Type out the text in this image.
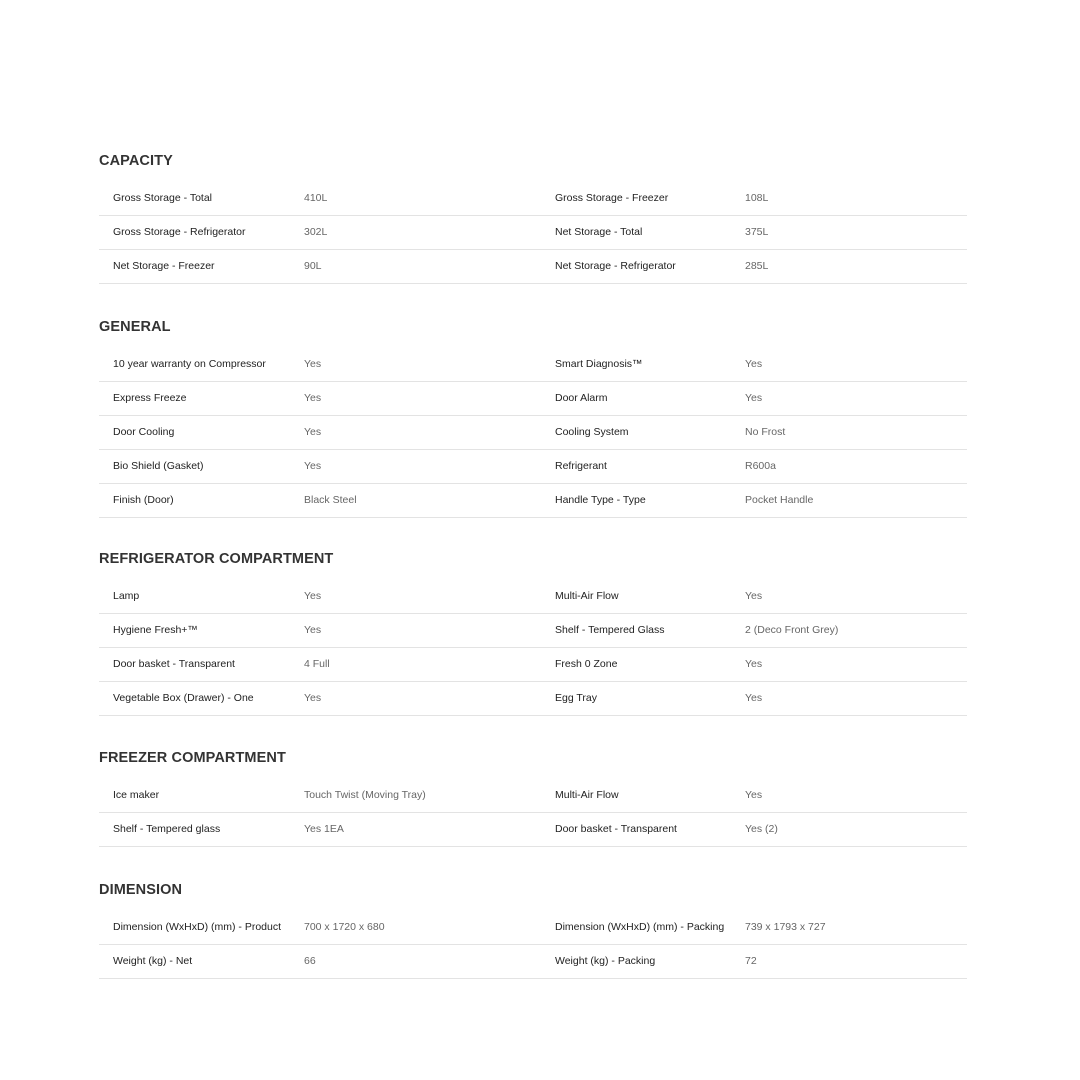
CAPACITY
Gross Storage - Total	410L	Gross Storage - Freezer	108L
Gross Storage - Refrigerator	302L	Net Storage - Total	375L
Net Storage - Freezer	90L	Net Storage - Refrigerator	285L
GENERAL
10 year warranty on Compressor	Yes	Smart Diagnosis™	Yes
Express Freeze	Yes	Door Alarm	Yes
Door Cooling	Yes	Cooling System	No Frost
Bio Shield (Gasket)	Yes	Refrigerant	R600a
Finish (Door)	Black Steel	Handle Type - Type	Pocket Handle
REFRIGERATOR COMPARTMENT
Lamp	Yes	Multi-Air Flow	Yes
Hygiene Fresh+™	Yes	Shelf - Tempered Glass	2 (Deco Front Grey)
Door basket - Transparent	4 Full	Fresh 0 Zone	Yes
Vegetable Box (Drawer) - One	Yes	Egg Tray	Yes
FREEZER COMPARTMENT
Ice maker	Touch Twist (Moving Tray)	Multi-Air Flow	Yes
Shelf - Tempered glass	Yes 1EA	Door basket - Transparent	Yes (2)
DIMENSION
Dimension (WxHxD) (mm) - Product 700 x 1720 x 680	Dimension (WxHxD) (mm) - Packing 739 x 1793 x 727
Weight (kg) - Net	66	Weight (kg) - Packing	72
